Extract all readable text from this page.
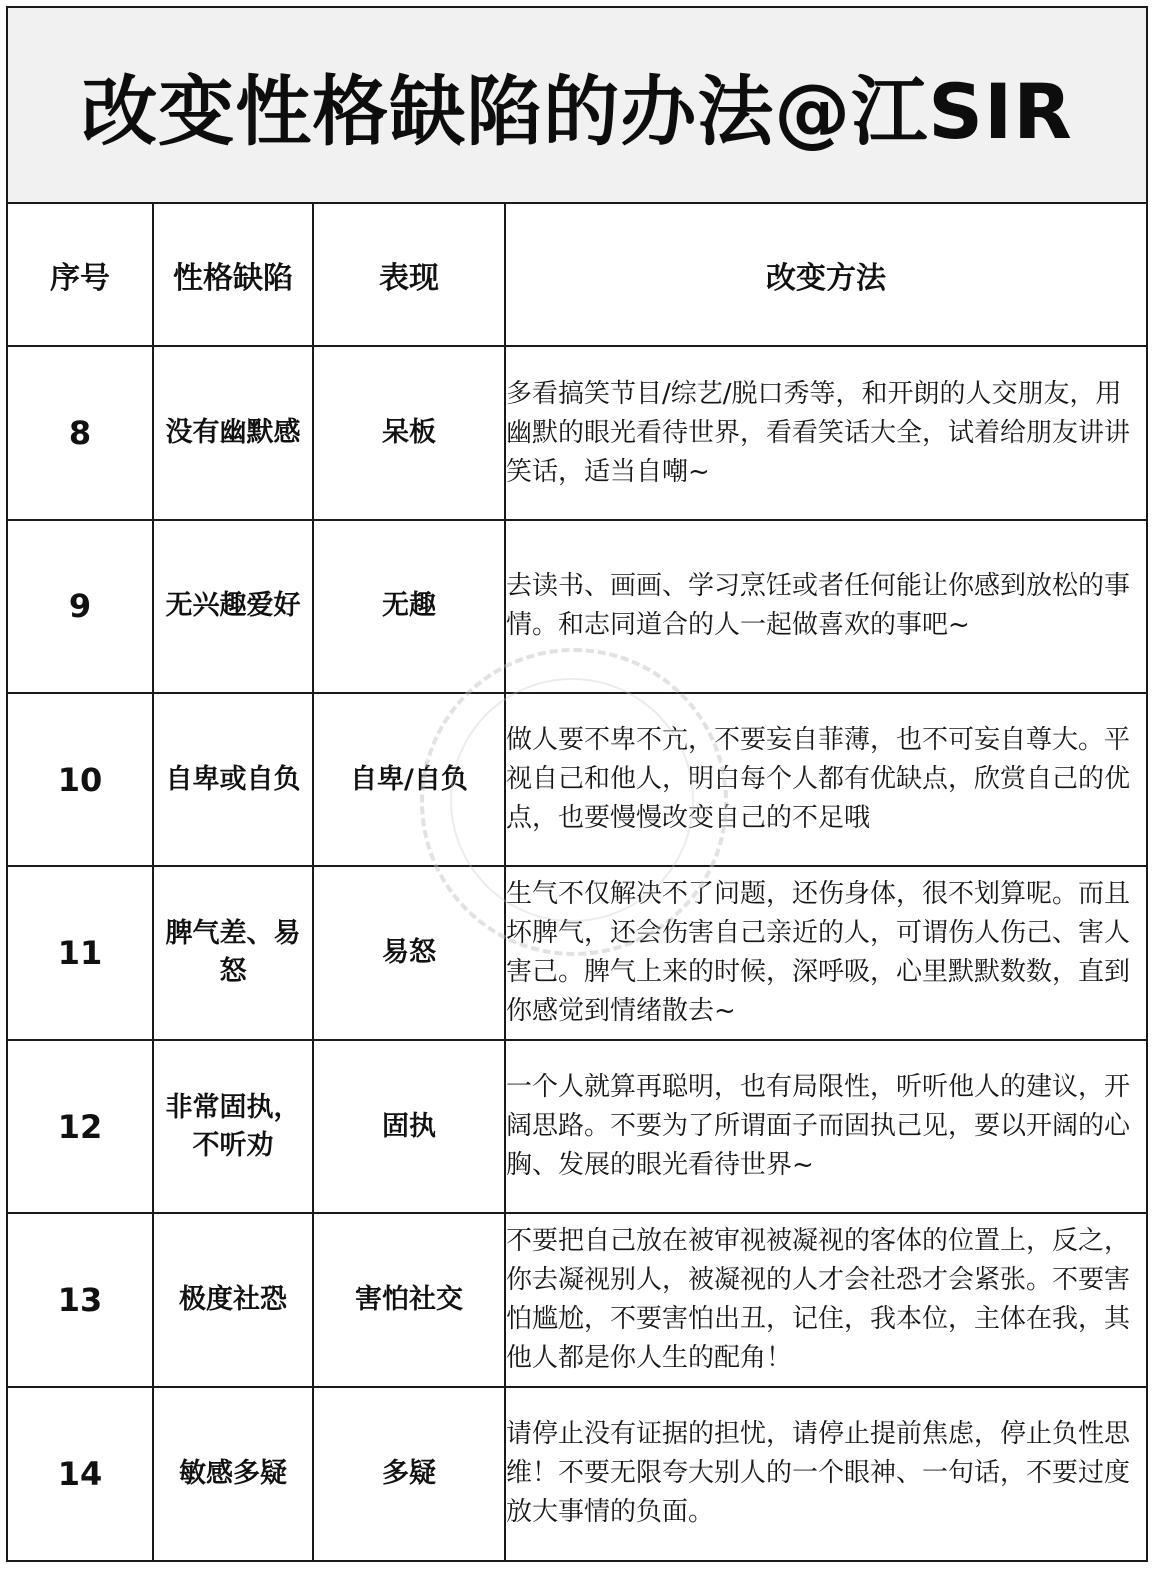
改变性格缺陷的办法@江SIR
序号	性格缺陷	表现	改变方法
8	没有幽默感	呆板	多看搞笑节目/综艺/脱口秀等，和开朗的人交朋友，用幽默的眼光看待世界，看看笑话大全，试着给朋友讲讲笑话，适当自嘲~
9	无兴趣爱好	无趣	去读书、画画、学习烹饪或者任何能让你感到放松的事情。和志同道合的人一起做喜欢的事吧~
10	自卑或自负	自卑/自负	做人要不卑不亢，不要妄自菲薄，也不可妄自尊大。平视自己和他人，明白每个人都有优缺点，欣赏自己的优点，也要慢慢改变自己的不足哦
11	脾气差、易怒	易怒	生气不仅解决不了问题，还伤身体，很不划算呢。而且坏脾气，还会伤害自己亲近的人，可谓伤人伤己、害人害己。脾气上来的时候，深呼吸，心里默默数数，直到你感觉到情绪散去~
12	非常固执，不听劝	固执	一个人就算再聪明，也有局限性，听听他人的建议，开阔思路。不要为了所谓面子而固执己见，要以开阔的心胸、发展的眼光看待世界~
13	极度社恐	害怕社交	不要把自己放在被审视被凝视的客体的位置上，反之，你去凝视别人，被凝视的人才会社恐才会紧张。不要害怕尴尬，不要害怕出丑，记住，我本位，主体在我，其他人都是你人生的配角！
14	敏感多疑	多疑	请停止没有证据的担忧，请停止提前焦虑，停止负性思维！不要无限夸大别人的一个眼神、一句话，不要过度放大事情的负面。
